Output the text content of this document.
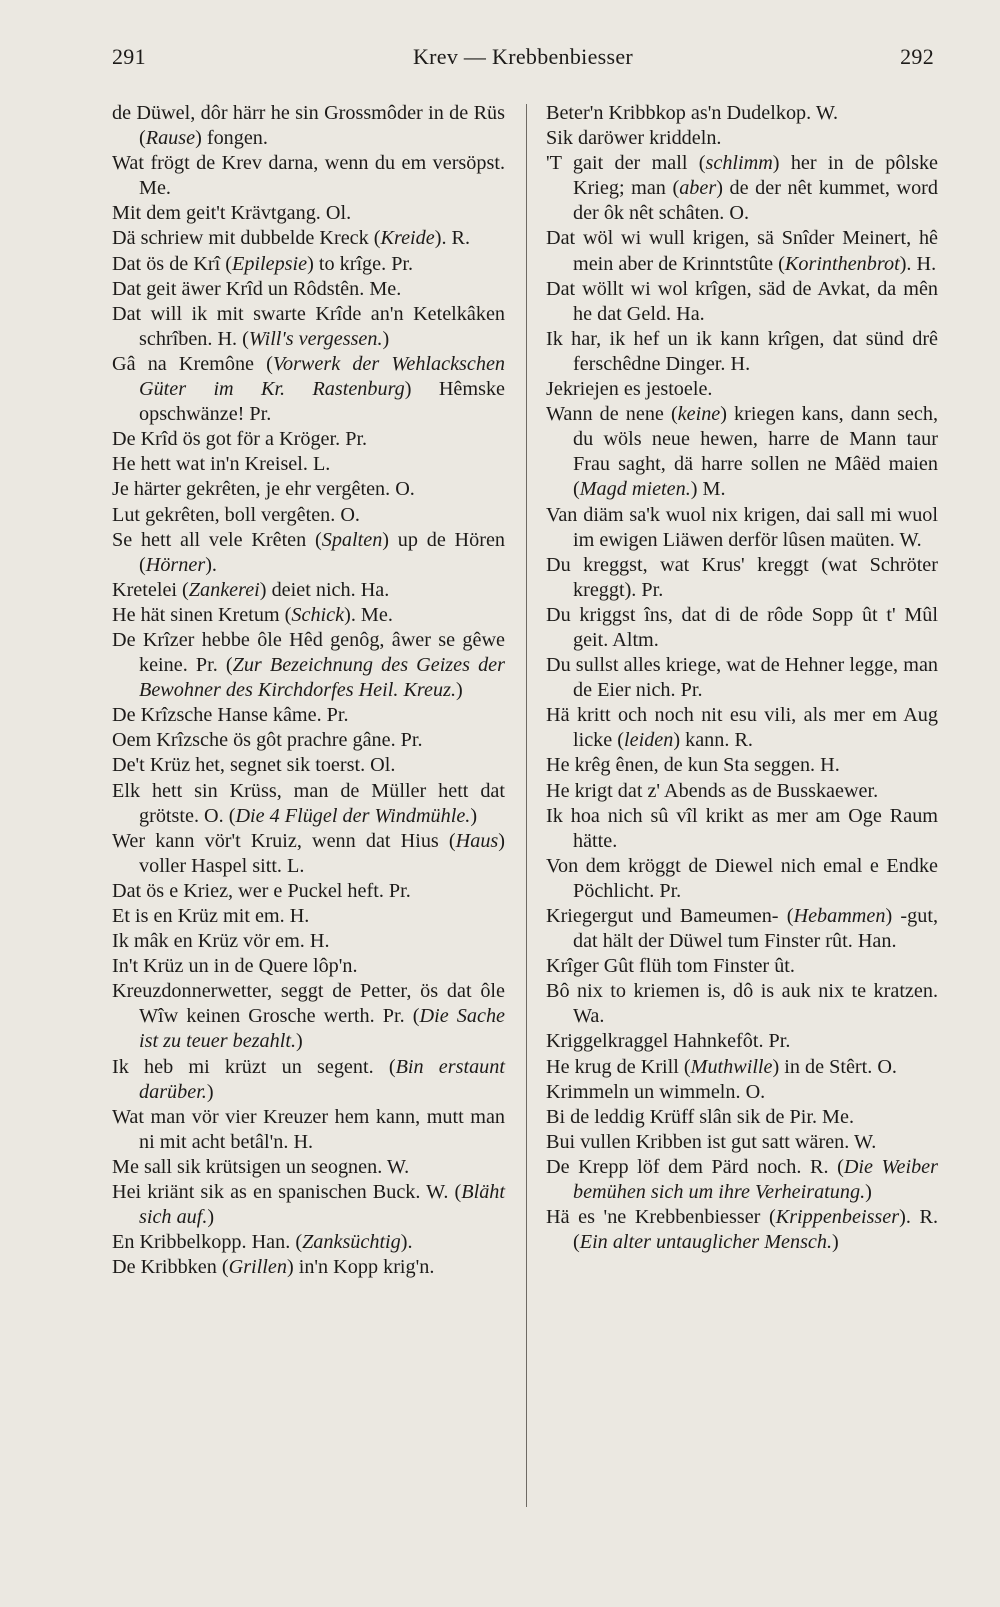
291	Krev — Krebbenbiesser	292
de Düwel, dôr härr he sin Grossmôder in de Rüs (Rause) fongen.
Wat frögt de Krev darna, wenn du em versöpst. Me.
Mit dem geit't Krävtgang. Ol.
Dä schriew mit dubbelde Kreck (Kreide). R.
Dat ös de Krî (Epilepsie) to krîge. Pr.
Dat geit äwer Krîd un Rôdstên. Me.
Dat will ik mit swarte Krîde an'n Ketelkâken schrîben. H. (Will's vergessen.)
Gâ na Kremône (Vorwerk der Wehlackschen Güter im Kr. Rastenburg) Hêmske opschwänze! Pr.
De Krîd ös got för a Kröger. Pr.
He hett wat in'n Kreisel. L.
Je härter gekrêten, je ehr vergêten. O.
Lut gekrêten, boll vergêten. O.
Se hett all vele Krêten (Spalten) up de Hören (Hörner).
Kretelei (Zankerei) deiet nich. Ha.
He hät sinen Kretum (Schick). Me.
De Krîzer hebbe ôle Hêd genôg, âwer se gêwe keine. Pr. (Zur Bezeichnung des Geizes der Bewohner des Kirchdorfes Heil. Kreuz.)
De Krîzsche Hanse kâme. Pr.
Oem Krîzsche ös gôt prachre gâne. Pr.
De't Krüz het, segnet sik toerst. Ol.
Elk hett sin Krüss, man de Müller hett dat grötste. O. (Die 4 Flügel der Windmühle.)
Wer kann vör't Kruiz, wenn dat Hius (Haus) voller Haspel sitt. L.
Dat ös e Kriez, wer e Puckel heft. Pr.
Et is en Krüz mit em. H.
Ik mâk en Krüz vör em. H.
In't Krüz un in de Quere lôp'n.
Kreuzdonnerwetter, seggt de Petter, ös dat ôle Wîw keinen Grosche werth. Pr. (Die Sache ist zu teuer bezahlt.)
Ik heb mi krüzt un segent. (Bin erstaunt darüber.)
Wat man vör vier Kreuzer hem kann, mutt man ni mit acht betâl'n. H.
Me sall sik krütsigen un seognen. W.
Hei kriänt sik as en spanischen Buck. W. (Bläht sich auf.)
En Kribbelkopp. Han. (Zanksüchtig).
De Kribbken (Grillen) in'n Kopp krig'n.
Beter'n Kribbkop as'n Dudelkop. W.
Sik daröwer kriddeln.
'T gait der mall (schlimm) her in de pôlske Krieg; man (aber) de der nêt kummet, word der ôk nêt schâten. O.
Dat wöl wi wull krigen, sä Snîder Meinert, hê mein aber de Krinntstûte (Korinthenbrot). H.
Dat wöllt wi wol krîgen, säd de Avkat, da mên he dat Geld. Ha.
Ik har, ik hef un ik kann krîgen, dat sünd drê ferschêdne Dinger. H.
Jekriejen es jestoele.
Wann de nene (keine) kriegen kans, dann sech, du wöls neue hewen, harre de Mann taur Frau saght, dä harre sollen ne Mâëd maien (Magd mieten.) M.
Van diäm sa'k wuol nix krigen, dai sall mi wuol im ewigen Liäwen derför lûsen maüten. W.
Du kreggst, wat Krus' kreggt (wat Schröter kreggt). Pr.
Du kriggst îns, dat di de rôde Sopp ût t' Mûl geit. Altm.
Du sullst alles kriege, wat de Hehner legge, man de Eier nich. Pr.
Hä kritt och noch nit esu vili, als mer em Aug licke (leiden) kann. R.
He krêg ênen, de kun Sta seggen. H.
He krigt dat z' Abends as de Busskaewer.
Ik hoa nich sû vîl krikt as mer am Oge Raum hätte.
Von dem kröggt de Diewel nich emal e Endke Pöchlicht. Pr.
Kriegergut und Bameumen- (Hebammen) -gut, dat hält der Düwel tum Finster rût. Han.
Krîger Gût flüh tom Finster ût.
Bô nix to kriemen is, dô is auk nix te kratzen. Wa.
Kriggelkraggel Hahnkefôt. Pr.
He krug de Krill (Muthwille) in de Stêrt. O.
Krimmeln un wimmeln. O.
Bi de leddig Krüff slân sik de Pir. Me.
Bui vullen Kribben ist gut satt wären. W.
De Krepp löf dem Pärd noch. R. (Die Weiber bemühen sich um ihre Verheiratung.)
Hä es 'ne Krebbenbiesser (Krippenbeisser). R. (Ein alter untauglicher Mensch.)
